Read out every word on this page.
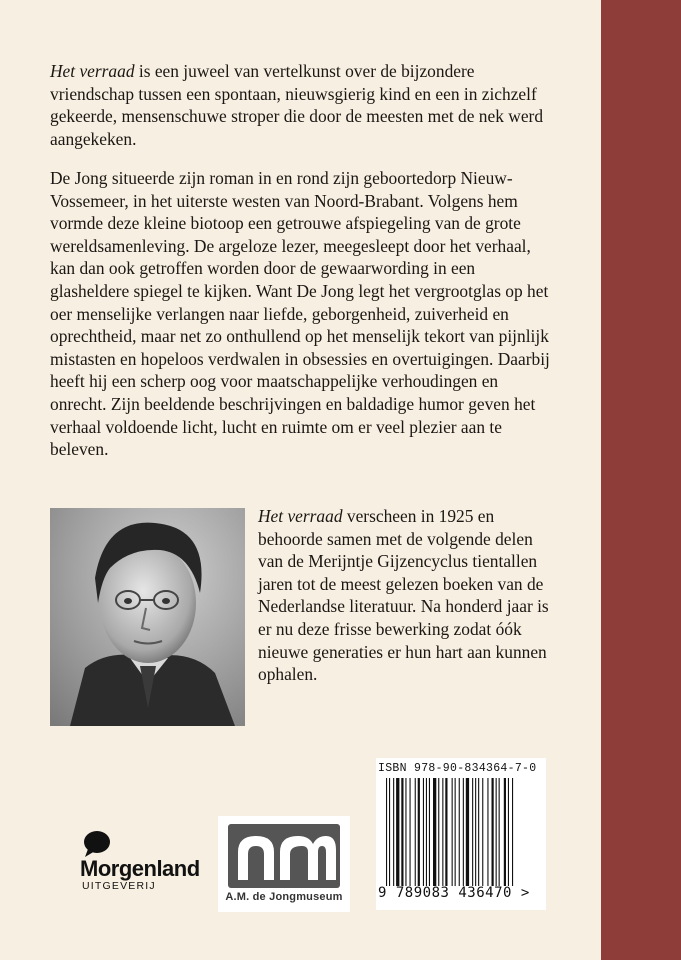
Het verraad is een juweel van vertelkunst over de bijzondere vriendschap tussen een spontaan, nieuwsgierig kind en een in zichzelf gekeerde, mensenschuwe stroper die door de meesten met de nek werd aangekeken.

De Jong situeerde zijn roman in en rond zijn geboortedorp Nieuw-Vossemeer, in het uiterste westen van Noord-Brabant. Volgens hem vormde deze kleine biotoop een getrouwe afspiegeling van de grote wereldsamenleving. De argeloze lezer, meegesleept door het verhaal, kan dan ook getroffen worden door de gewaarwording in een glasheldere spiegel te kijken. Want De Jong legt het vergrootglas op het oer menselijke verlangen naar liefde, geborgenheid, zuiverheid en oprechtheid, maar net zo onthullend op het menselijk tekort van pijnlijk mistasten en hopeloos verdwalen in obsessies en overtuigingen. Daarbij heeft hij een scherp oog voor maatschappelijke verhoudingen en onrecht. Zijn beeldende beschrijvingen en baldadige humor geven het verhaal voldoende licht, lucht en ruimte om er veel plezier aan te beleven.

Het verraad verscheen in 1925 en behoorde samen met de volgende delen van de Merijntje Gijzencyclus tientallen jaren tot de meest gelezen boeken van de Nederlandse literatuur. Na honderd jaar is er nu deze frisse bewerking zodat óók nieuwe generaties er hun hart aan kunnen ophalen.

Morgenland
UITGEVERIJ
A.M. de Jongmuseum
ISBN 978-90-834364-7-0
9 789083 436470 >
